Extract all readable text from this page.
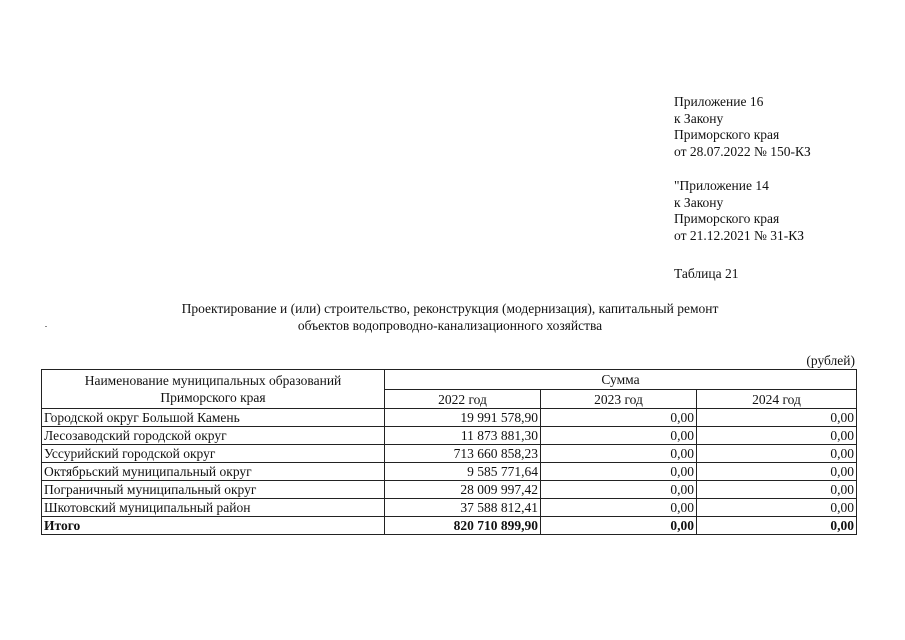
Приложение 16
к Закону
Приморского края
от 28.07.2022 № 150-КЗ
"Приложение 14
к Закону
Приморского края
от 21.12.2021 № 31-КЗ
Таблица 21
Проектирование и (или) строительство, реконструкция (модернизация), капитальный ремонт
объектов водопроводно-канализационного хозяйства
(рублей)
Наименование муниципальных образований
Приморского края	Сумма		
	2022 год	2023 год	2024 год
Городской округ Большой Камень	19 991 578,90	0,00	0,00
Лесозаводский городской округ	11 873 881,30	0,00	0,00
Уссурийский городской округ	713 660 858,23	0,00	0,00
Октябрьский муниципальный округ	9 585 771,64	0,00	0,00
Пограничный муниципальный округ	28 009 997,42	0,00	0,00
Шкотовский муниципальный район	37 588 812,41	0,00	0,00
Итого	820 710 899,90	0,00	0,00
